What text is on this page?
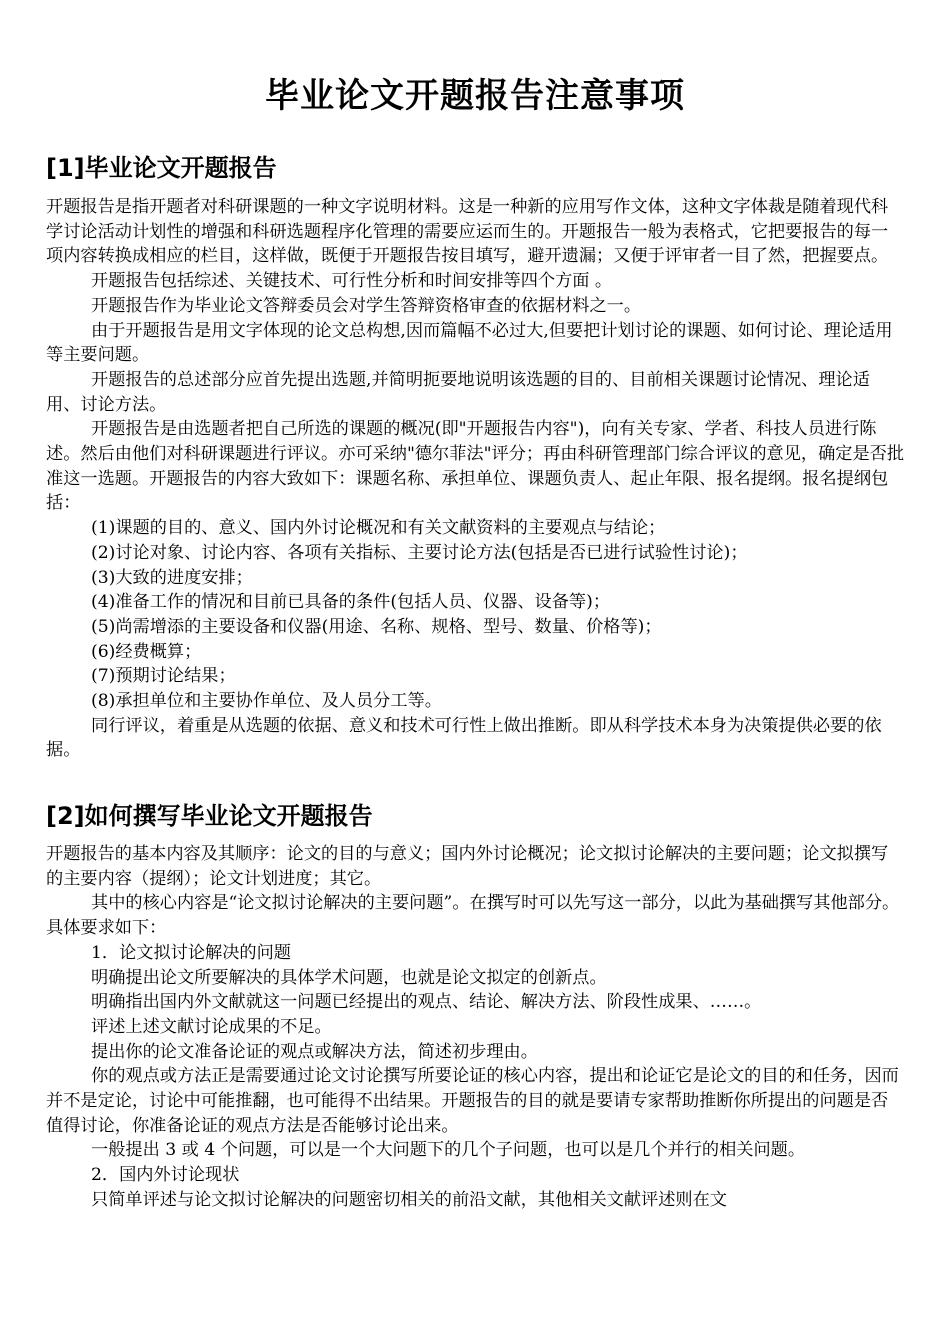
毕业论文开题报告注意事项
[1]毕业论文开题报告

开题报告是指开题者对科研课题的一种文字说明材料。这是一种新的应用写作文体，这种文字体裁是随着现代科学讨论活动计划性的增强和科研选题程序化管理的需要应运而生的。开题报告一般为表格式，它把要报告的每一项内容转换成相应的栏目，这样做，既便于开题报告按目填写，避开遗漏；又便于评审者一目了然，把握要点。

开题报告包括综述、关键技术、可行性分析和时间安排等四个方面 。

开题报告作为毕业论文答辩委员会对学生答辩资格审查的依据材料之一。

由于开题报告是用文字体现的论文总构想,因而篇幅不必过大,但要把计划讨论的课题、如何讨论、理论适用等主要问题。

开题报告的总述部分应首先提出选题,并简明扼要地说明该选题的目的、目前相关课题讨论情况、理论适用、讨论方法。

开题报告是由选题者把自己所选的课题的概况(即"开题报告内容")，向有关专家、学者、科技人员进行陈述。然后由他们对科研课题进行评议。亦可采纳"德尔菲法"评分；再由科研管理部门综合评议的意见，确定是否批准这一选题。开题报告的内容大致如下：课题名称、承担单位、课题负责人、起止年限、报名提纲。报名提纲包括：

(1)课题的目的、意义、国内外讨论概况和有关文献资料的主要观点与结论；

(2)讨论对象、讨论内容、各项有关指标、主要讨论方法(包括是否已进行试验性讨论)；

(3)大致的进度安排；

(4)准备工作的情况和目前已具备的条件(包括人员、仪器、设备等)；

(5)尚需增添的主要设备和仪器(用途、名称、规格、型号、数量、价格等)；

(6)经费概算；

(7)预期讨论结果；

(8)承担单位和主要协作单位、及人员分工等。

同行评议，着重是从选题的依据、意义和技术可行性上做出推断。即从科学技术本身为决策提供必要的依据。

[2]如何撰写毕业论文开题报告

开题报告的基本内容及其顺序：论文的目的与意义；国内外讨论概况；论文拟讨论解决的主要问题；论文拟撰写的主要内容（提纲）；论文计划进度；其它。

其中的核心内容是“论文拟讨论解决的主要问题”。在撰写时可以先写这一部分，以此为基础撰写其他部分。具体要求如下：

1．论文拟讨论解决的问题

明确提出论文所要解决的具体学术问题，也就是论文拟定的创新点。

明确指出国内外文献就这一问题已经提出的观点、结论、解决方法、阶段性成果、……。

评述上述文献讨论成果的不足。

提出你的论文准备论证的观点或解决方法，简述初步理由。

你的观点或方法正是需要通过论文讨论撰写所要论证的核心内容，提出和论证它是论文的目的和任务，因而并不是定论，讨论中可能推翻，也可能得不出结果。开题报告的目的就是要请专家帮助推断你所提出的问题是否值得讨论，你准备论证的观点方法是否能够讨论出来。

一般提出 3 或 4 个问题，可以是一个大问题下的几个子问题，也可以是几个并行的相关问题。

2．国内外讨论现状

只简单评述与论文拟讨论解决的问题密切相关的前沿文献，其他相关文献评述则在文
